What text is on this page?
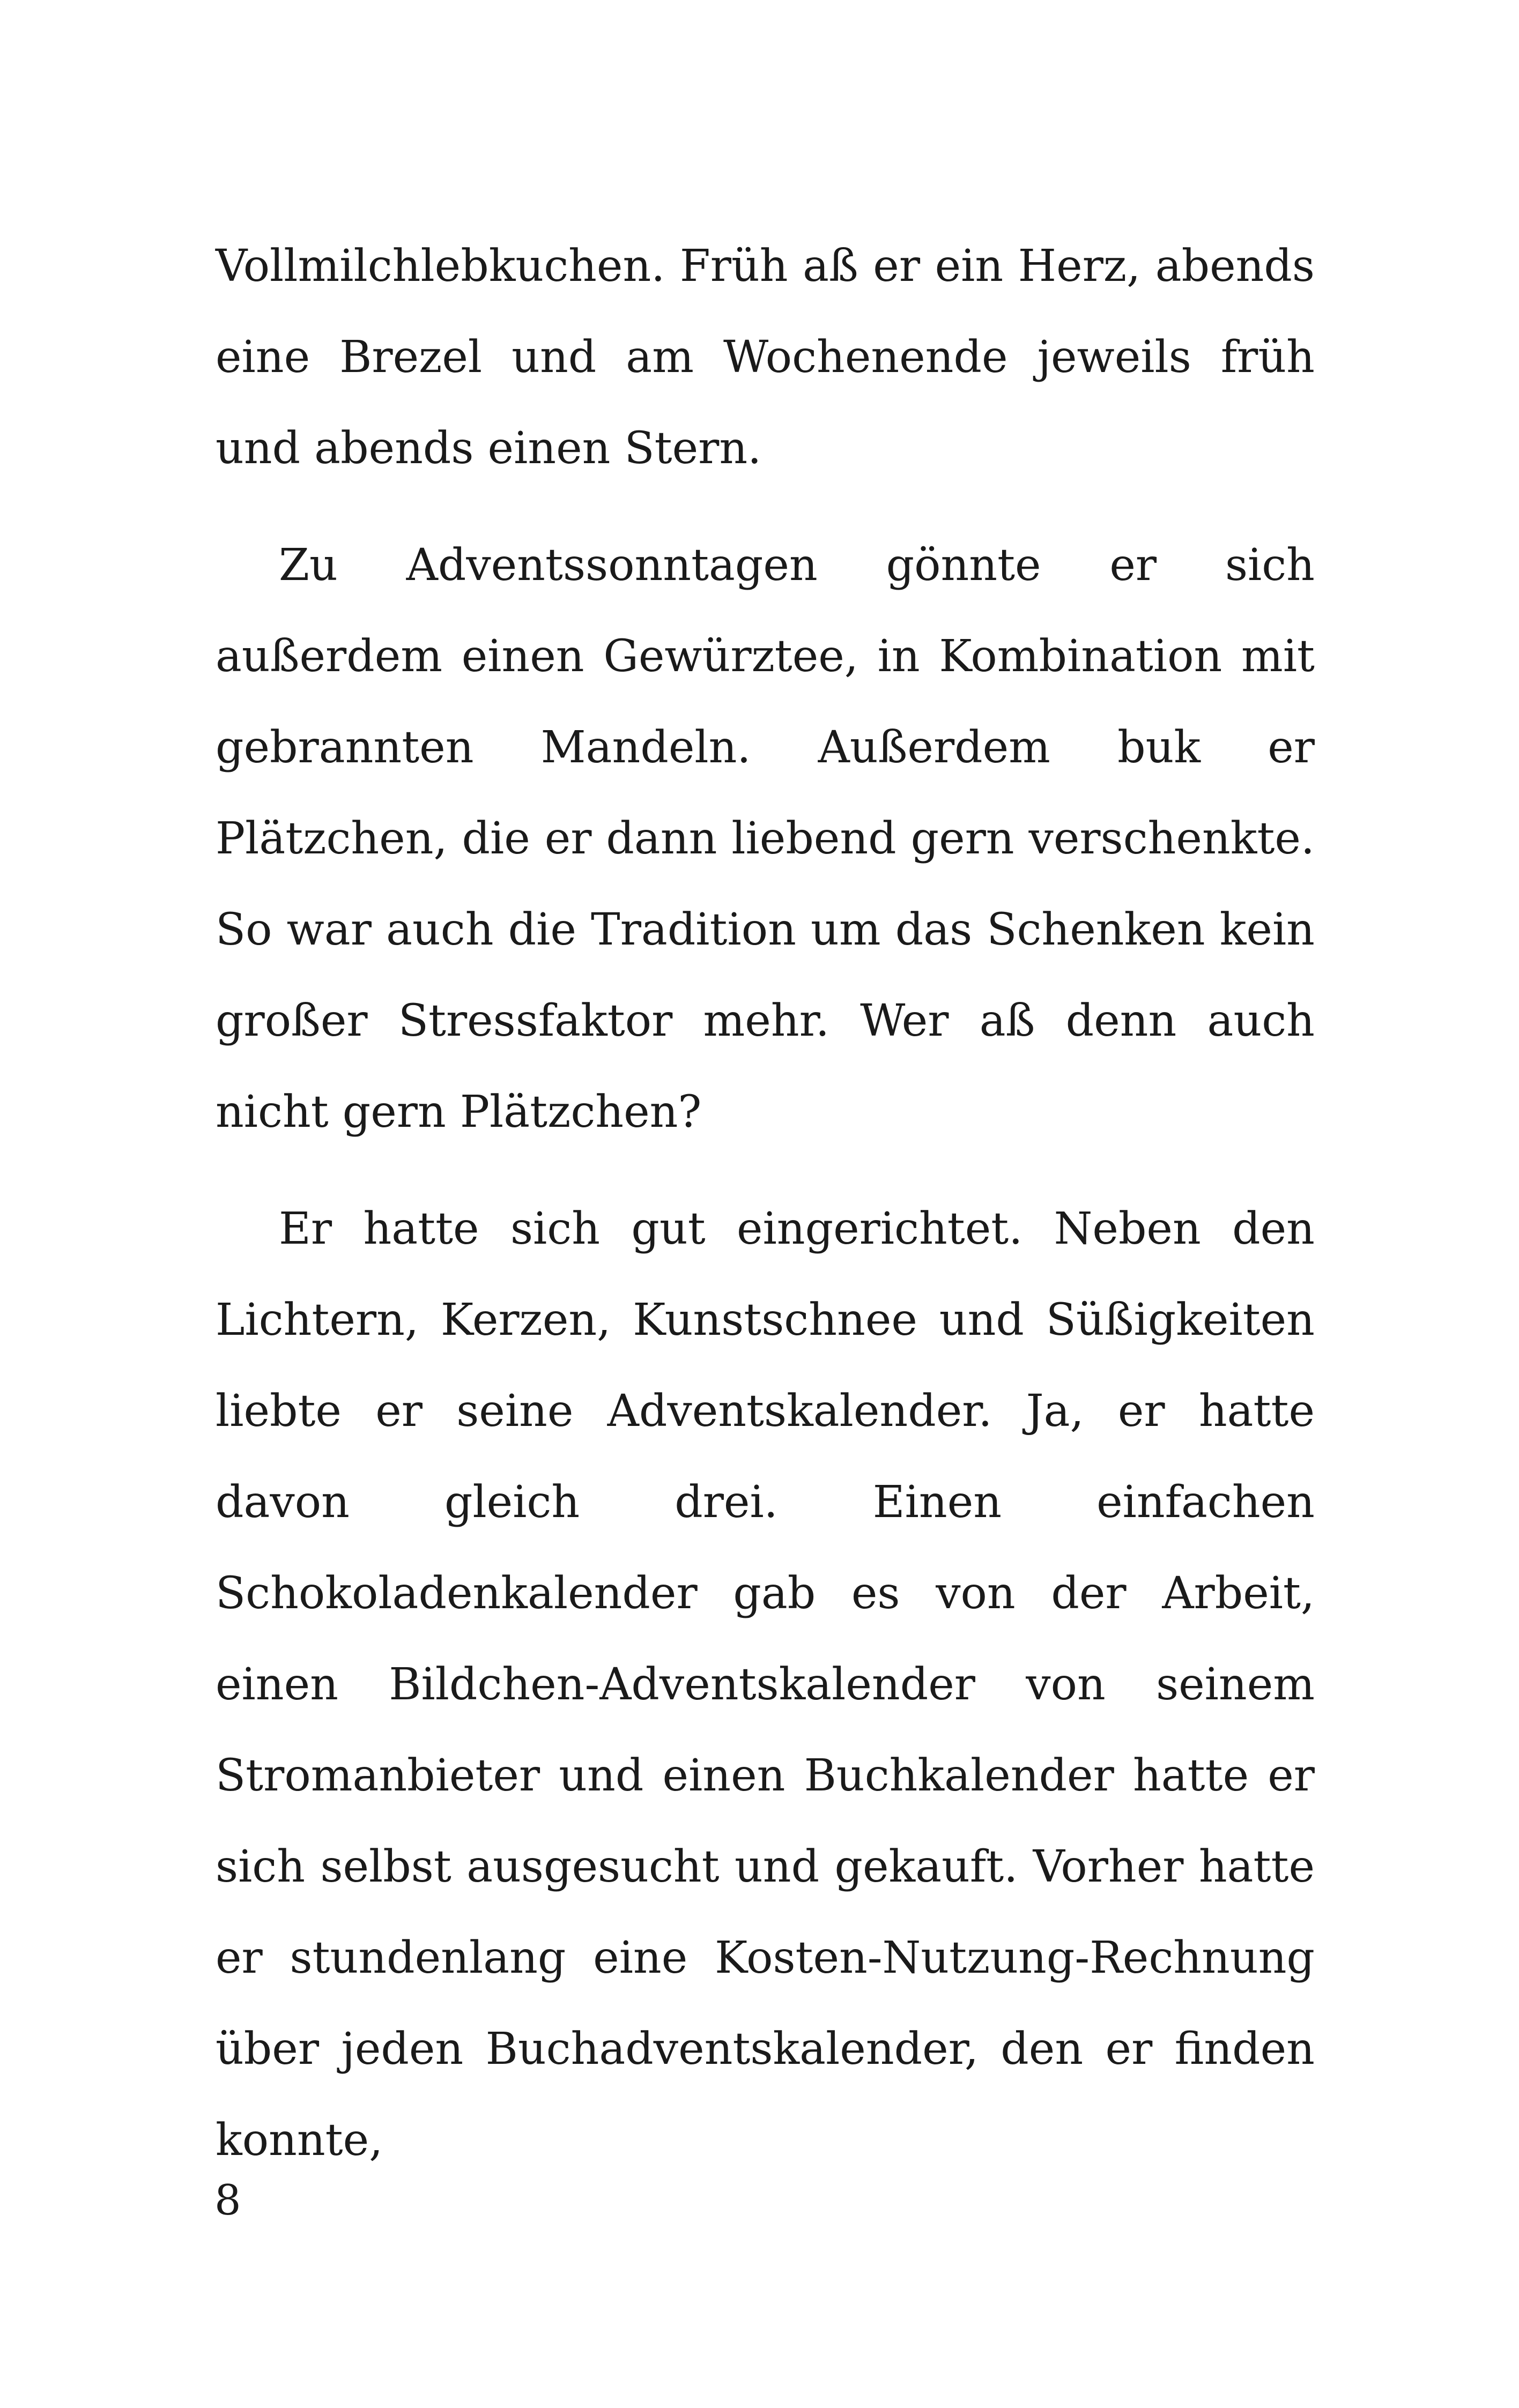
Vollmilchlebkuchen. Früh aß er ein Herz, abends eine Brezel und am Wochenende jeweils früh und abends einen Stern.

Zu Adventssonntagen gönnte er sich außerdem einen Gewürztee, in Kombination mit gebrannten Mandeln. Außerdem buk er Plätzchen, die er dann liebend gern verschenkte. So war auch die Tradition um das Schenken kein großer Stressfaktor mehr. Wer aß denn auch nicht gern Plätzchen?

Er hatte sich gut eingerichtet. Neben den Lichtern, Kerzen, Kunstschnee und Süßigkeiten liebte er seine Adventskalender. Ja, er hatte davon gleich drei. Einen einfachen Schokoladenkalender gab es von der Arbeit, einen Bildchen-Adventskalender von seinem Stromanbieter und einen Buchkalender hatte er sich selbst ausgesucht und gekauft. Vorher hatte er stundenlang eine Kosten-Nutzung-Rechnung über jeden Buchadventskalender, den er finden konnte,

8
